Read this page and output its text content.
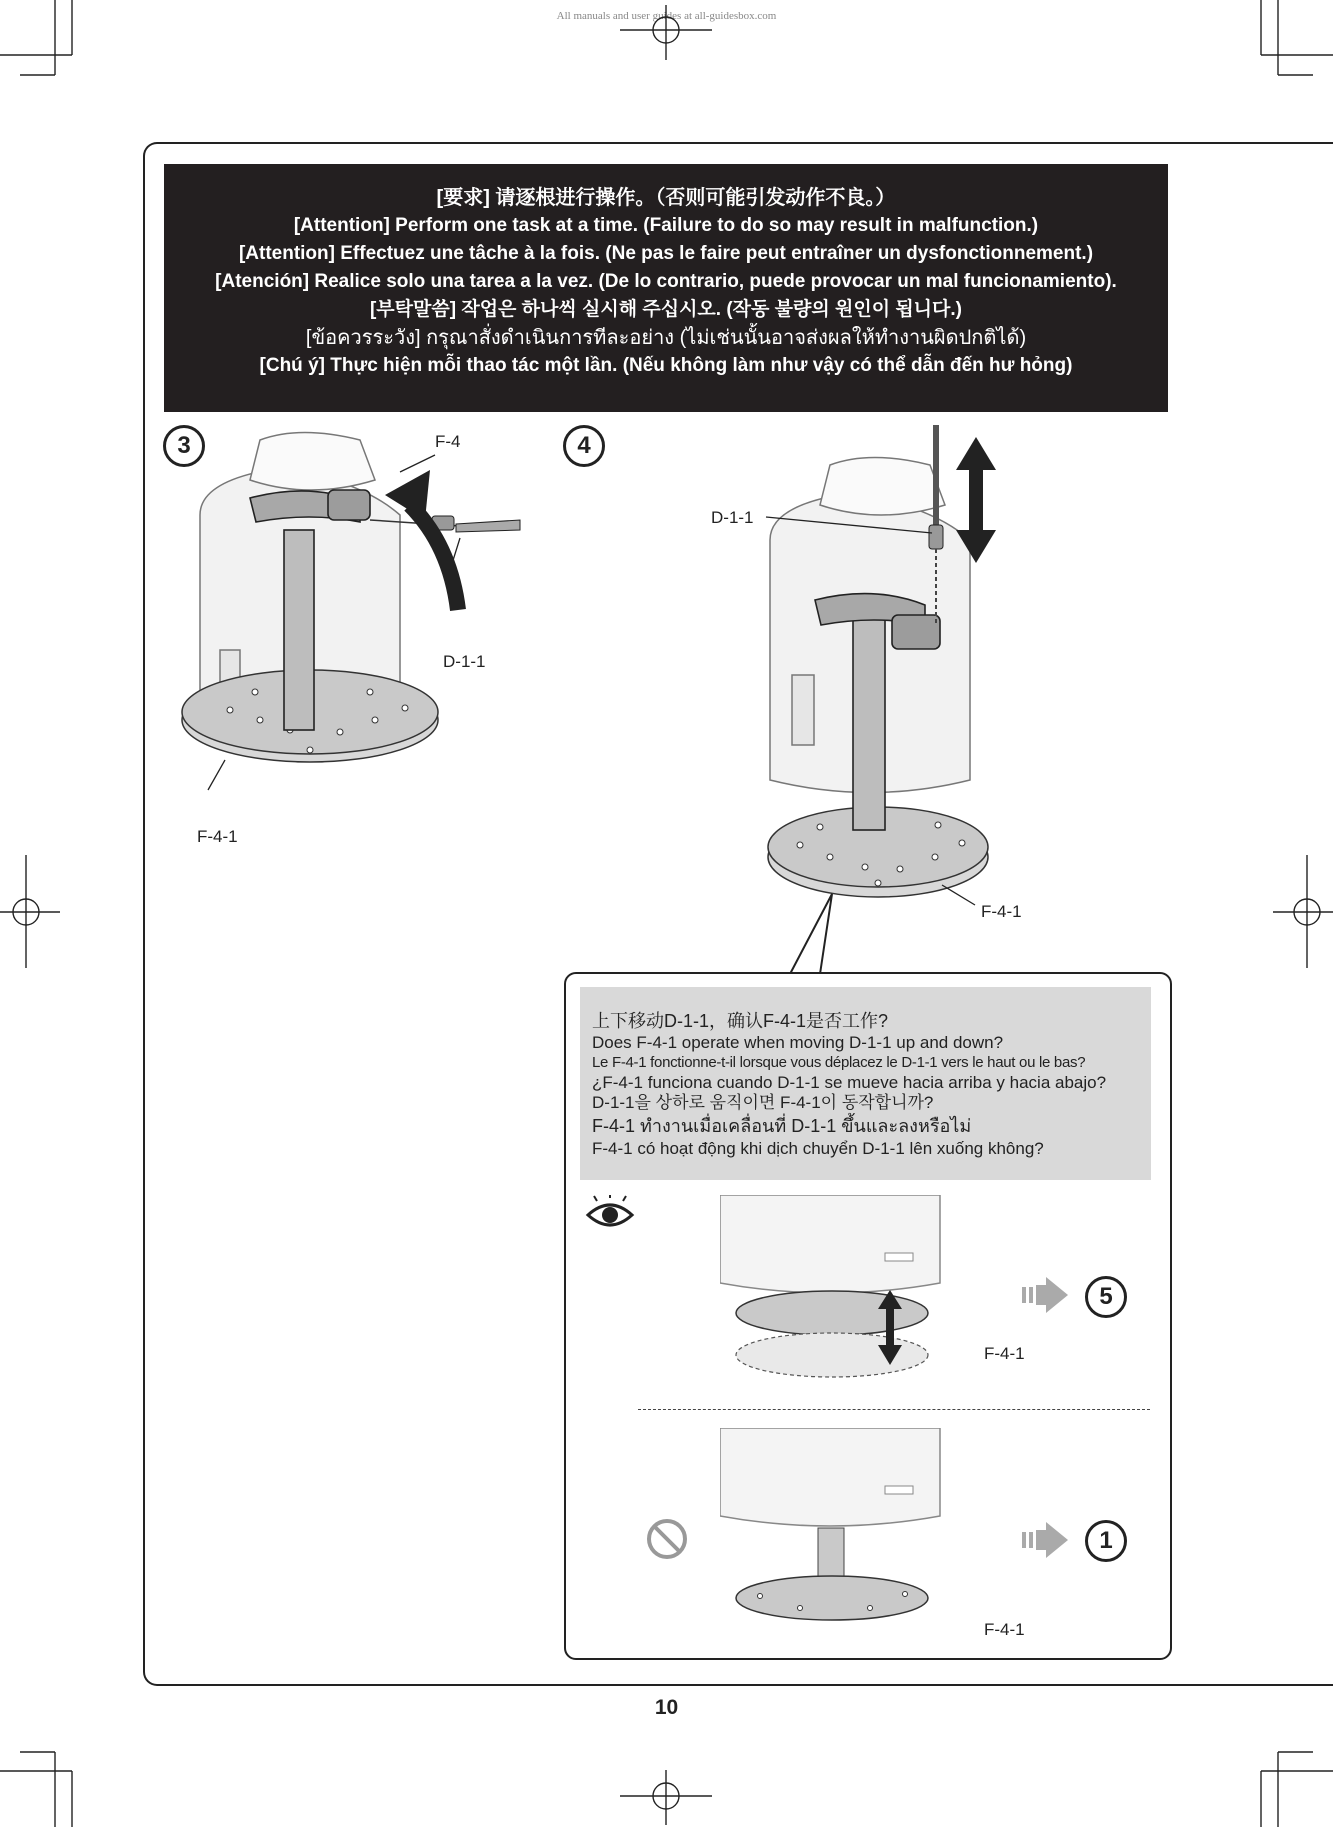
All manuals and user guides at all-guidesbox.com
[要求] 请逐根进行操作。（否则可能引发动作不良。）
[Attention] Perform one task at a time. (Failure to do so may result in malfunction.)
[Attention] Effectuez une tâche à la fois. (Ne pas le faire peut entraîner un dysfonctionnement.)
[Atención] Realice solo una tarea a la vez. (De lo contrario, puede provocar un mal funcionamiento).
[부탁말씀] 작업은 하나씩 실시해 주십시오. (작동 불량의 원인이 됩니다.)
[ข้อควรระวัง] กรุณาสั่งดำเนินการทีละอย่าง (ไม่เช่นนั้นอาจส่งผลให้ทำงานผิดปกติได้)
[Chú ý] Thực hiện mỗi thao tác một lần. (Nếu không làm như vậy có thể dẫn đến hư hỏng)
3	F-4
D-1-1
F-4-1
4
D-1-1
F-4-1
上下移动D-1-1，确认F-4-1是否工作?
Does F-4-1 operate when moving D-1-1 up and down?
Le F-4-1 fonctionne-t-il lorsque vous déplacez le D-1-1 vers le haut ou le bas?
¿F-4-1 funciona cuando D-1-1 se mueve hacia arriba y hacia abajo?
D-1-1을 상하로 움직이면 F-4-1이 동작합니까?
F-4-1 ทำงานเมื่อเคลื่อนที่ D-1-1 ขึ้นและลงหรือไม่
F-4-1 có hoạt động khi dịch chuyển D-1-1 lên xuống không?
F-4-1
5
F-4-1
1
10
